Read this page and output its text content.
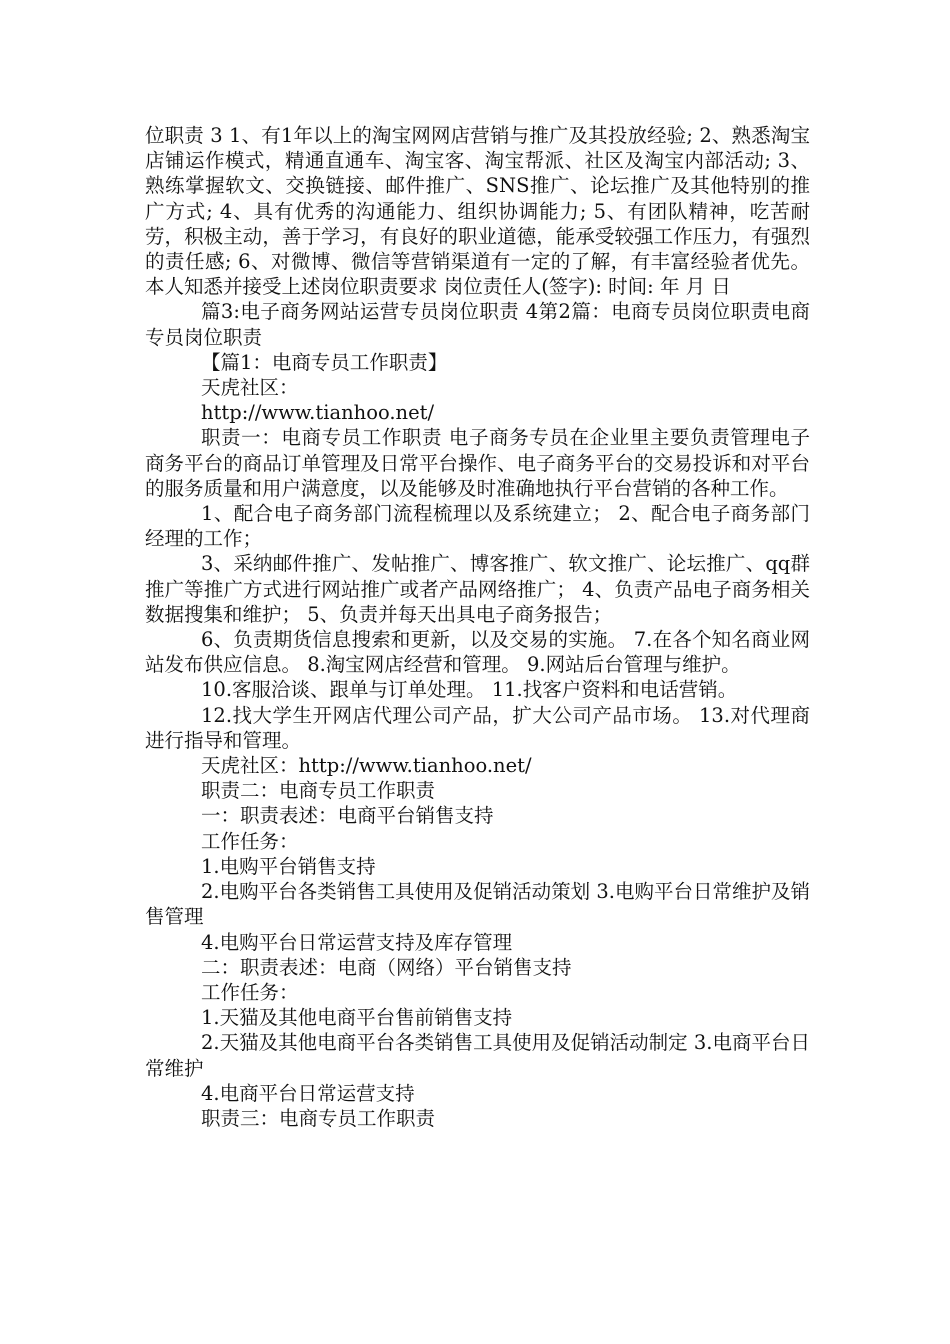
位职责 3 1、有1年以上的淘宝网网店营销与推广及其投放经验; 2、熟悉淘宝店铺运作模式，精通直通车、淘宝客、淘宝帮派、社区及淘宝内部活动; 3、熟练掌握软文、交换链接、邮件推广、SNS推广、论坛推广及其他特别的推广方式; 4、具有优秀的沟通能力、组织协调能力; 5、有团队精神，吃苦耐劳，积极主动，善于学习，有良好的职业道德，能承受较强工作压力，有强烈的责任感; 6、对微博、微信等营销渠道有一定的了解，有丰富经验者优先。 本人知悉并接受上述岗位职责要求 岗位责任人(签字): 时间: 年 月 日

篇3:电子商务网站运营专员岗位职责 4第2篇：电商专员岗位职责电商专员岗位职责

【篇1：电商专员工作职责】

天虎社区：

http://www.tianhoo.net/

职责一：电商专员工作职责 电子商务专员在企业里主要负责管理电子商务平台的商品订单管理及日常平台操作、电子商务平台的交易投诉和对平台的服务质量和用户满意度，以及能够及时准确地执行平台营销的各种工作。

1、配合电子商务部门流程梳理以及系统建立； 2、配合电子商务部门经理的工作；

3、采纳邮件推广、发帖推广、博客推广、软文推广、论坛推广、qq群推广等推广方式进行网站推广或者产品网络推广； 4、负责产品电子商务相关数据搜集和维护； 5、负责并每天出具电子商务报告；

6、负责期货信息搜索和更新，以及交易的实施。 7.在各个知名商业网站发布供应信息。 8.淘宝网店经营和管理。 9.网站后台管理与维护。

10.客服洽谈、跟单与订单处理。 11.找客户资料和电话营销。

12.找大学生开网店代理公司产品，扩大公司产品市场。 13.对代理商进行指导和管理。

天虎社区：http://www.tianhoo.net/

职责二：电商专员工作职责

一：职责表述：电商平台销售支持

工作任务：

1.电购平台销售支持

2.电购平台各类销售工具使用及促销活动策划 3.电购平台日常维护及销售管理

4.电购平台日常运营支持及库存管理

二：职责表述：电商（网络）平台销售支持

工作任务：

1.天猫及其他电商平台售前销售支持

2.天猫及其他电商平台各类销售工具使用及促销活动制定 3.电商平台日常维护

4.电商平台日常运营支持

职责三：电商专员工作职责
